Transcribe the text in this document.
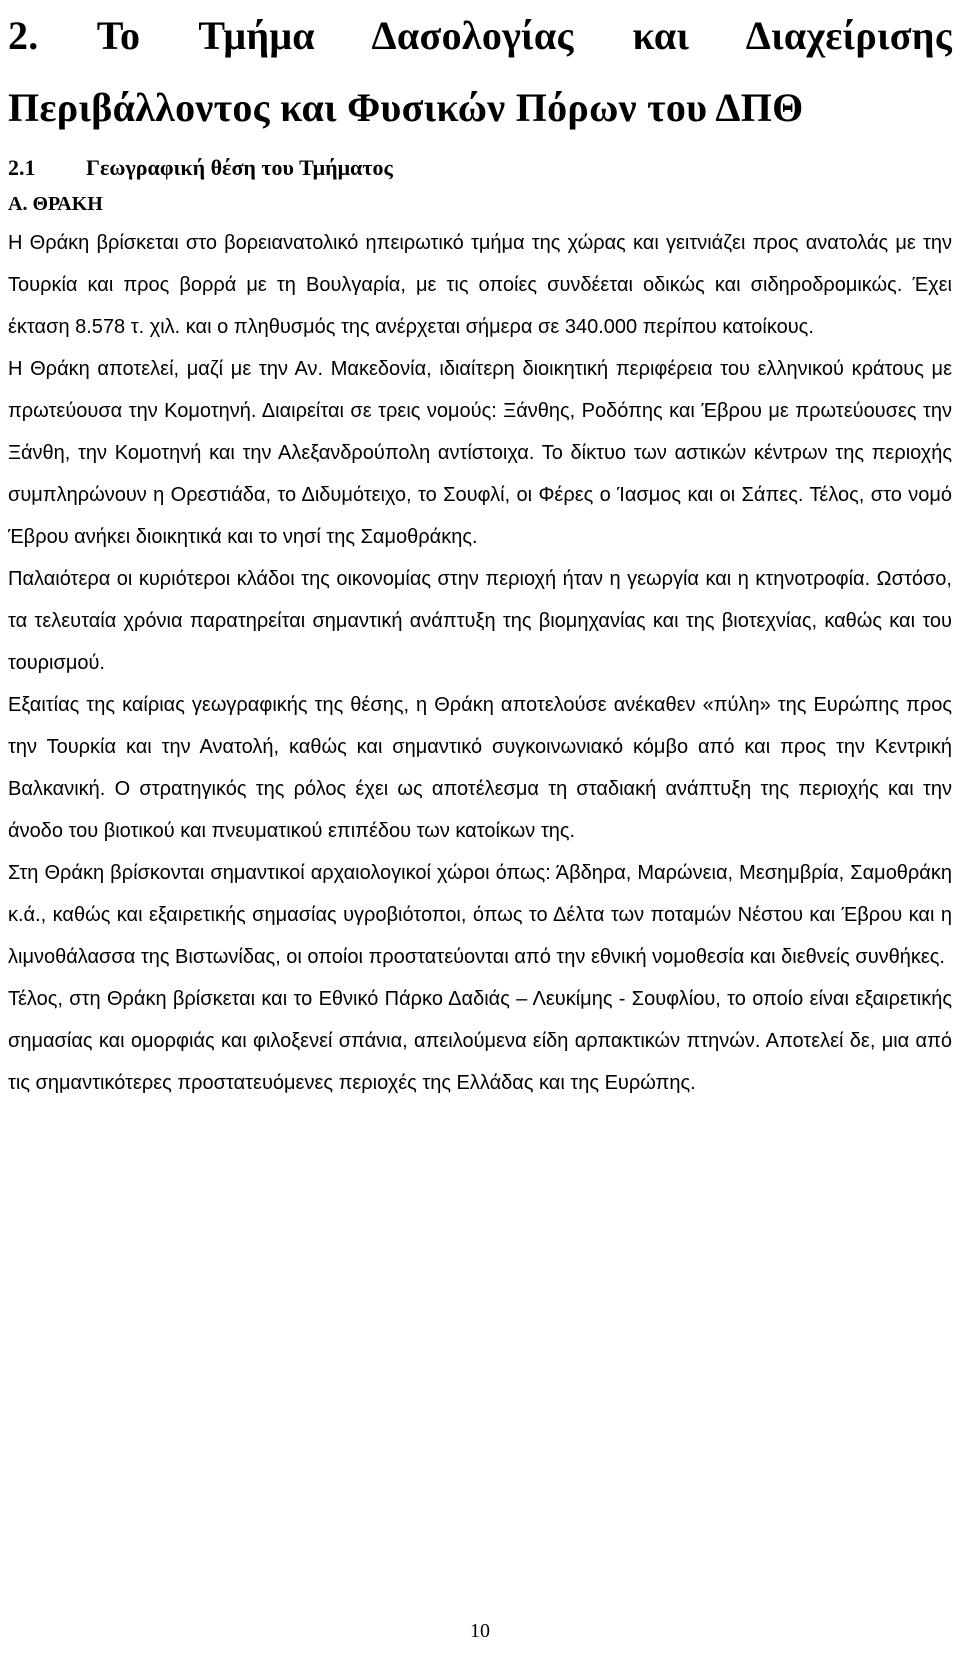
2. Το Τμήμα Δασολογίας και Διαχείρισης
Περιβάλλοντος και Φυσικών Πόρων του ΔΠΘ
2.1	Γεωγραφική θέση του Τμήματος
Α. ΘΡΑΚΗ

Η Θράκη βρίσκεται στο βορειανατολικό ηπειρωτικό τμήμα της χώρας και γειτνιάζει προς ανατολάς με την Τουρκία και προς βορρά με τη Βουλγαρία, με τις οποίες συνδέεται οδικώς και σιδηροδρομικώς. Έχει έκταση 8.578 τ. χιλ. και ο πληθυσμός της ανέρχεται σήμερα σε 340.000 περίπου κατοίκους.

Η Θράκη αποτελεί, μαζί με την Αν. Μακεδονία, ιδιαίτερη διοικητική περιφέρεια του ελληνικού κράτους με πρωτεύουσα την Κομοτηνή. Διαιρείται σε τρεις νομούς: Ξάνθης, Ροδόπης και Έβρου με πρωτεύουσες την Ξάνθη, την Κομοτηνή και την Αλεξανδρούπολη αντίστοιχα. Το δίκτυο των αστικών κέντρων της περιοχής συμπληρώνουν η Ορεστιάδα, το Διδυμότειχο, το Σουφλί, οι Φέρες ο Ίασμος και οι Σάπες. Τέλος, στο νομό Έβρου ανήκει διοικητικά και το νησί της Σαμοθράκης.

Παλαιότερα οι κυριότεροι κλάδοι της οικονομίας στην περιοχή ήταν η γεωργία και η κτηνοτροφία. Ωστόσο, τα τελευταία χρόνια παρατηρείται σημαντική ανάπτυξη της βιομηχανίας και της βιοτεχνίας, καθώς και του τουρισμού.

Εξαιτίας της καίριας γεωγραφικής της θέσης, η Θράκη αποτελούσε ανέκαθεν «πύλη» της Ευρώπης προς την Τουρκία και την Ανατολή, καθώς και σημαντικό συγκοινωνιακό κόμβο από και προς την Κεντρική Βαλκανική. Ο στρατηγικός της ρόλος έχει ως αποτέλεσμα τη σταδιακή ανάπτυξη της περιοχής και την άνοδο του βιοτικού και πνευματικού επιπέδου των κατοίκων της.

Στη Θράκη βρίσκονται σημαντικοί αρχαιολογικοί χώροι όπως: Άβδηρα, Μαρώνεια, Μεσημβρία, Σαμοθράκη κ.ά., καθώς και εξαιρετικής σημασίας υγροβιότοποι, όπως το Δέλτα των ποταμών Νέστου και Έβρου και η λιμνοθάλασσα της Βιστωνίδας, οι οποίοι προστατεύονται από την εθνική νομοθεσία και διεθνείς συνθήκες.

Τέλος, στη Θράκη βρίσκεται και το Εθνικό Πάρκο Δαδιάς – Λευκίμης - Σουφλίου, το οποίο είναι εξαιρετικής σημασίας και ομορφιάς και φιλοξενεί σπάνια, απειλούμενα είδη αρπακτικών πτηνών. Αποτελεί δε, μια από τις σημαντικότερες προστατευόμενες περιοχές της Ελλάδας και της Ευρώπης.

10
